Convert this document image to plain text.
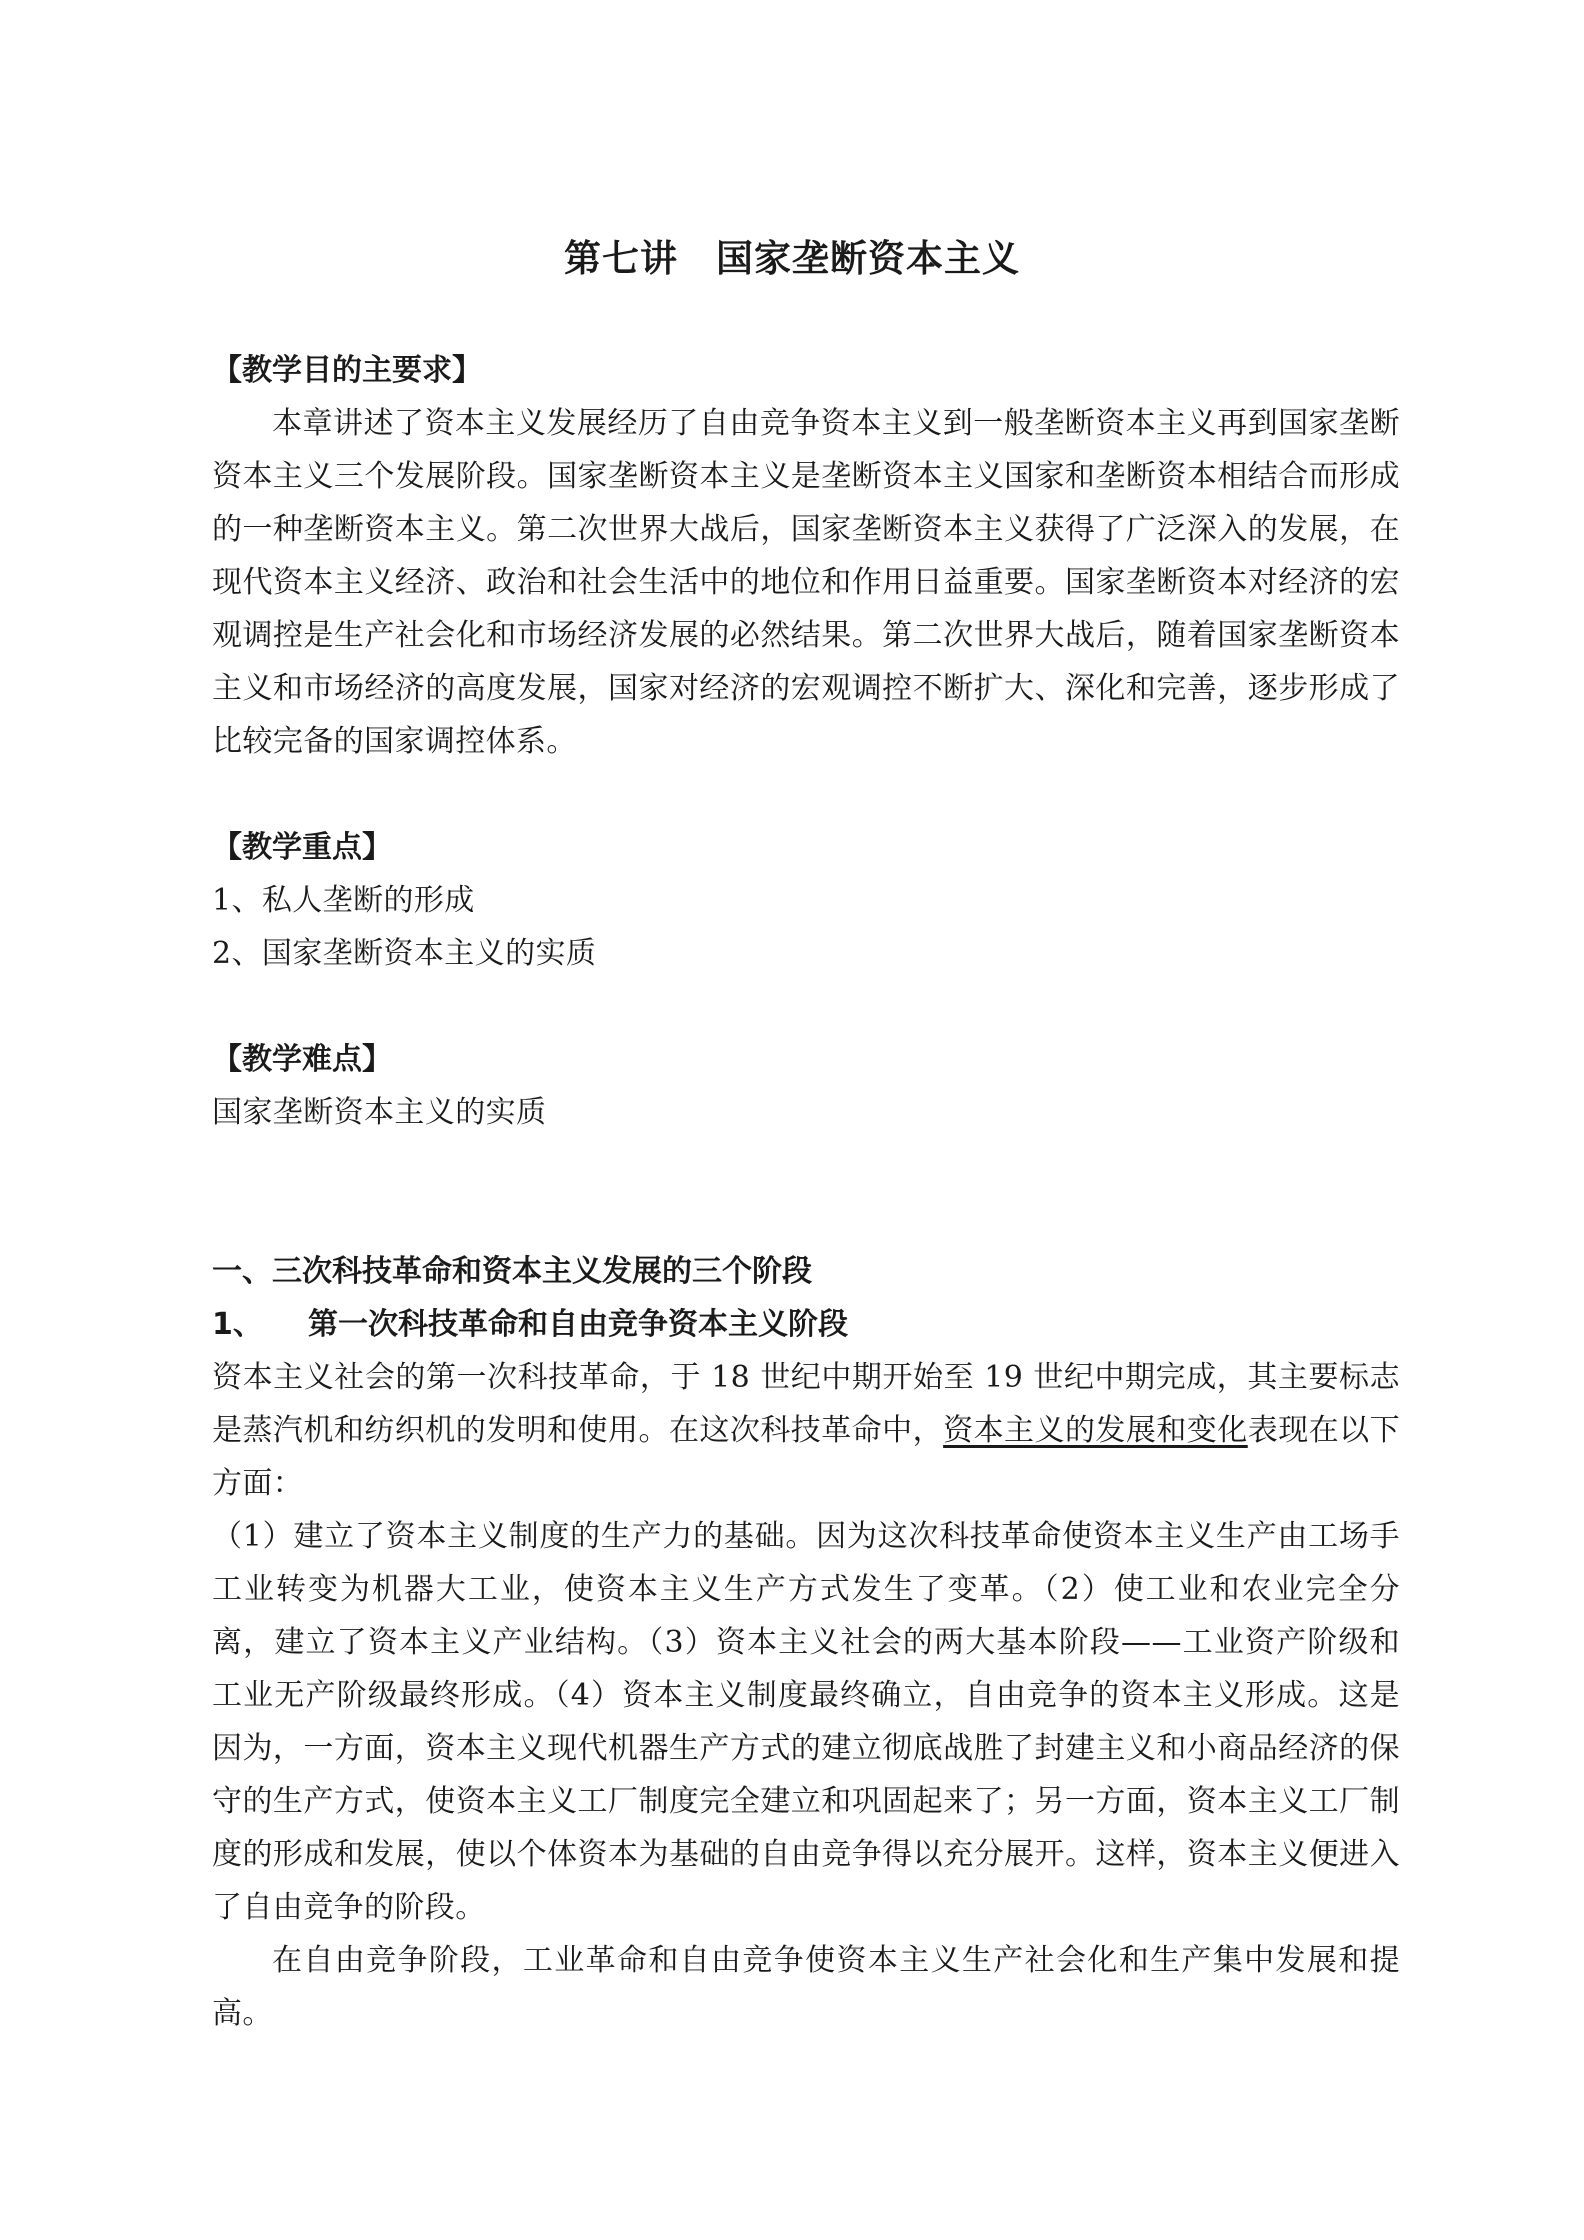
第七讲　国家垄断资本主义

【教学目的主要求】

本章讲述了资本主义发展经历了自由竞争资本主义到一般垄断资本主义再到国家垄断资本主义三个发展阶段。国家垄断资本主义是垄断资本主义国家和垄断资本相结合而形成的一种垄断资本主义。第二次世界大战后，国家垄断资本主义获得了广泛深入的发展，在现代资本主义经济、政治和社会生活中的地位和作用日益重要。国家垄断资本对经济的宏观调控是生产社会化和市场经济发展的必然结果。第二次世界大战后，随着国家垄断资本主义和市场经济的高度发展，国家对经济的宏观调控不断扩大、深化和完善，逐步形成了比较完备的国家调控体系。

【教学重点】

1、私人垄断的形成

2、国家垄断资本主义的实质

【教学难点】

国家垄断资本主义的实质

一、三次科技革命和资本主义发展的三个阶段

1、 第一次科技革命和自由竞争资本主义阶段

资本主义社会的第一次科技革命，于 18 世纪中期开始至 19 世纪中期完成，其主要标志是蒸汽机和纺织机的发明和使用。在这次科技革命中，资本主义的发展和变化表现在以下方面：

（1）建立了资本主义制度的生产力的基础。因为这次科技革命使资本主义生产由工场手工业转变为机器大工业，使资本主义生产方式发生了变革。（2）使工业和农业完全分离，建立了资本主义产业结构。（3）资本主义社会的两大基本阶段——工业资产阶级和工业无产阶级最终形成。（4）资本主义制度最终确立，自由竞争的资本主义形成。这是因为，一方面，资本主义现代机器生产方式的建立彻底战胜了封建主义和小商品经济的保守的生产方式，使资本主义工厂制度完全建立和巩固起来了；另一方面，资本主义工厂制度的形成和发展，使以个体资本为基础的自由竞争得以充分展开。这样，资本主义便进入了自由竞争的阶段。

在自由竞争阶段，工业革命和自由竞争使资本主义生产社会化和生产集中发展和提高。
